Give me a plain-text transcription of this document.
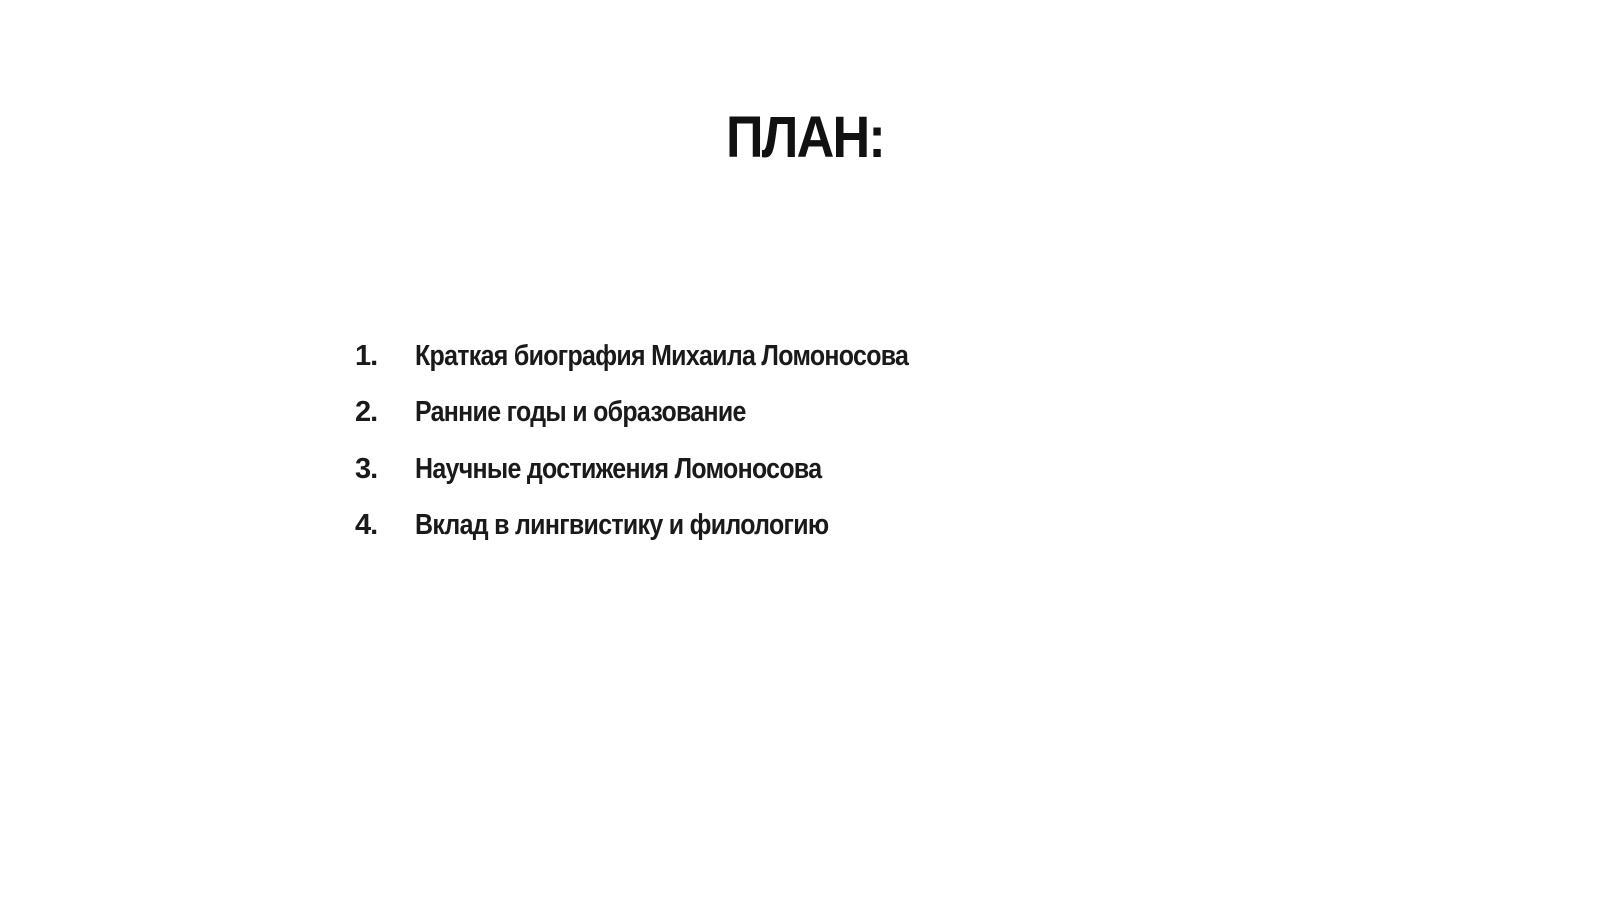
ПЛАН:
1.	Краткая биография Михаила Ломоносова
2.	Ранние годы и образование
3.	Научные достижения Ломоносова
4.	Вклад в лингвистику и филологию
